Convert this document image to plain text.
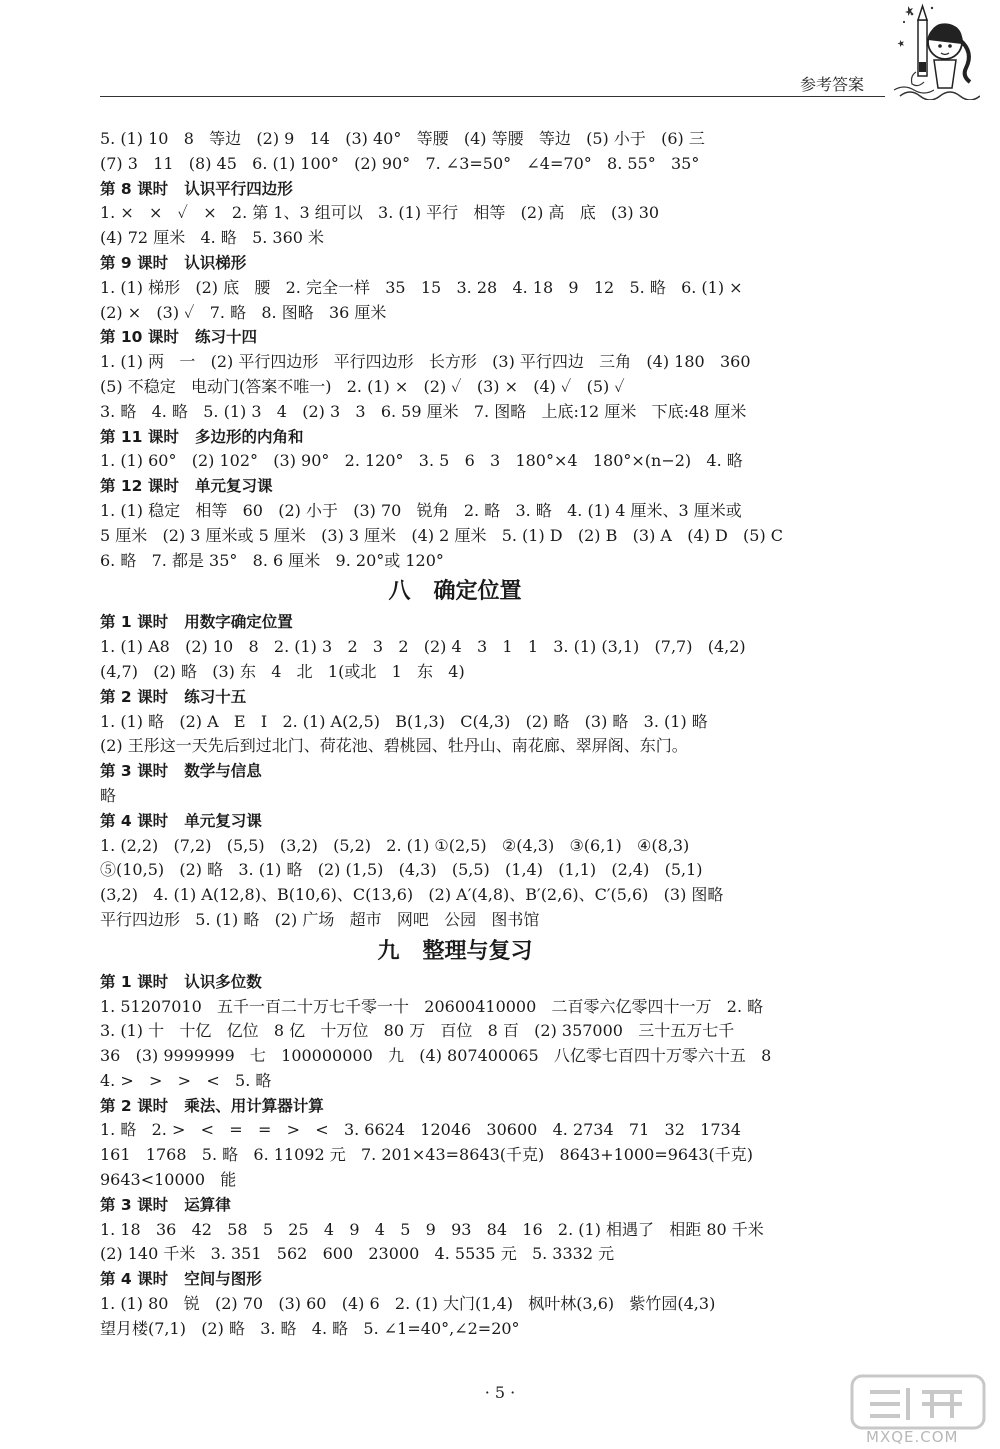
参考答案
5. (1) 10   8   等边   (2) 9   14   (3) 40°   等腰   (4) 等腰   等边   (5) 小于   (6) 三
(7) 3   11   (8) 45   6. (1) 100°   (2) 90°   7. ∠3=50°   ∠4=70°   8. 55°   35°
第 8 课时   认识平行四边形
1. ×   ×   ✓   ×   2. 第 1、3 组可以   3. (1) 平行   相等   (2) 高   底   (3) 30
(4) 72 厘米   4. 略   5. 360 米
第 9 课时   认识梯形
1. (1) 梯形   (2) 底   腰   2. 完全一样   35   15   3. 28   4. 18   9   12   5. 略   6. (1) ×
(2) ×   (3) ✓   7. 略   8. 图略   36 厘米
第 10 课时   练习十四
1. (1) 两   一   (2) 平行四边形   平行四边形   长方形   (3) 平行四边   三角   (4) 180   360
(5) 不稳定   电动门(答案不唯一)   2. (1) ×   (2) ✓   (3) ×   (4) ✓   (5) ✓
3. 略   4. 略   5. (1) 3   4   (2) 3   3   6. 59 厘米   7. 图略   上底:12 厘米   下底:48 厘米
第 11 课时   多边形的内角和
1. (1) 60°   (2) 102°   (3) 90°   2. 120°   3. 5   6   3   180°×4   180°×(n−2)   4. 略
第 12 课时   单元复习课
1. (1) 稳定   相等   60   (2) 小于   (3) 70   锐角   2. 略   3. 略   4. (1) 4 厘米、3 厘米或
5 厘米   (2) 3 厘米或 5 厘米   (3) 3 厘米   (4) 2 厘米   5. (1) D   (2) B   (3) A   (4) D   (5) C
6. 略   7. 都是 35°   8. 6 厘米   9. 20°或 120°
八   确定位置
第 1 课时   用数字确定位置
1. (1) A8   (2) 10   8   2. (1) 3   2   3   2   (2) 4   3   1   1   3. (1) (3,1)   (7,7)   (4,2)
(4,7)   (2) 略   (3) 东   4   北   1(或北   1   东   4)
第 2 课时   练习十五
1. (1) 略   (2) A   E   I   2. (1) A(2,5)   B(1,3)   C(4,3)   (2) 略   (3) 略   3. (1) 略
(2) 王彤这一天先后到过北门、荷花池、碧桃园、牡丹山、南花廊、翠屏阁、东门。
第 3 课时   数学与信息
略
第 4 课时   单元复习课
1. (2,2)   (7,2)   (5,5)   (3,2)   (5,2)   2. (1) ①(2,5)   ②(4,3)   ③(6,1)   ④(8,3)
⑤(10,5)   (2) 略   3. (1) 略   (2) (1,5)   (4,3)   (5,5)   (1,4)   (1,1)   (2,4)   (5,1)
(3,2)   4. (1) A(12,8)、B(10,6)、C(13,6)   (2) A′(4,8)、B′(2,6)、C′(5,6)   (3) 图略
平行四边形   5. (1) 略   (2) 广场   超市   网吧   公园   图书馆
九   整理与复习
第 1 课时   认识多位数
1. 51207010   五千一百二十万七千零一十   20600410000   二百零六亿零四十一万   2. 略
3. (1) 十   十亿   亿位   8 亿   十万位   80 万   百位   8 百   (2) 357000   三十五万七千
36   (3) 9999999   七   100000000   九   (4) 807400065   八亿零七百四十万零六十五   8
4. >   >   >   <   5. 略
第 2 课时   乘法、用计算器计算
1. 略   2. >   <   =   =   >   <   3. 6624   12046   30600   4. 2734   71   32   1734
161   1768   5. 略   6. 11092 元   7. 201×43=8643(千克)   8643+1000=9643(千克)
9643<10000   能
第 3 课时   运算律
1. 18   36   42   58   5   25   4   9   4   5   9   93   84   16   2. (1) 相遇了   相距 80 千米
(2) 140 千米   3. 351   562   600   23000   4. 5535 元   5. 3332 元
第 4 课时   空间与图形
1. (1) 80   锐   (2) 70   (3) 60   (4) 6   2. (1) 大门(1,4)   枫叶林(3,6)   紫竹园(4,3)
望月楼(7,1)   (2) 略   3. 略   4. 略   5. ∠1=40°,∠2=20°
· 5 ·
MXQE.COM
